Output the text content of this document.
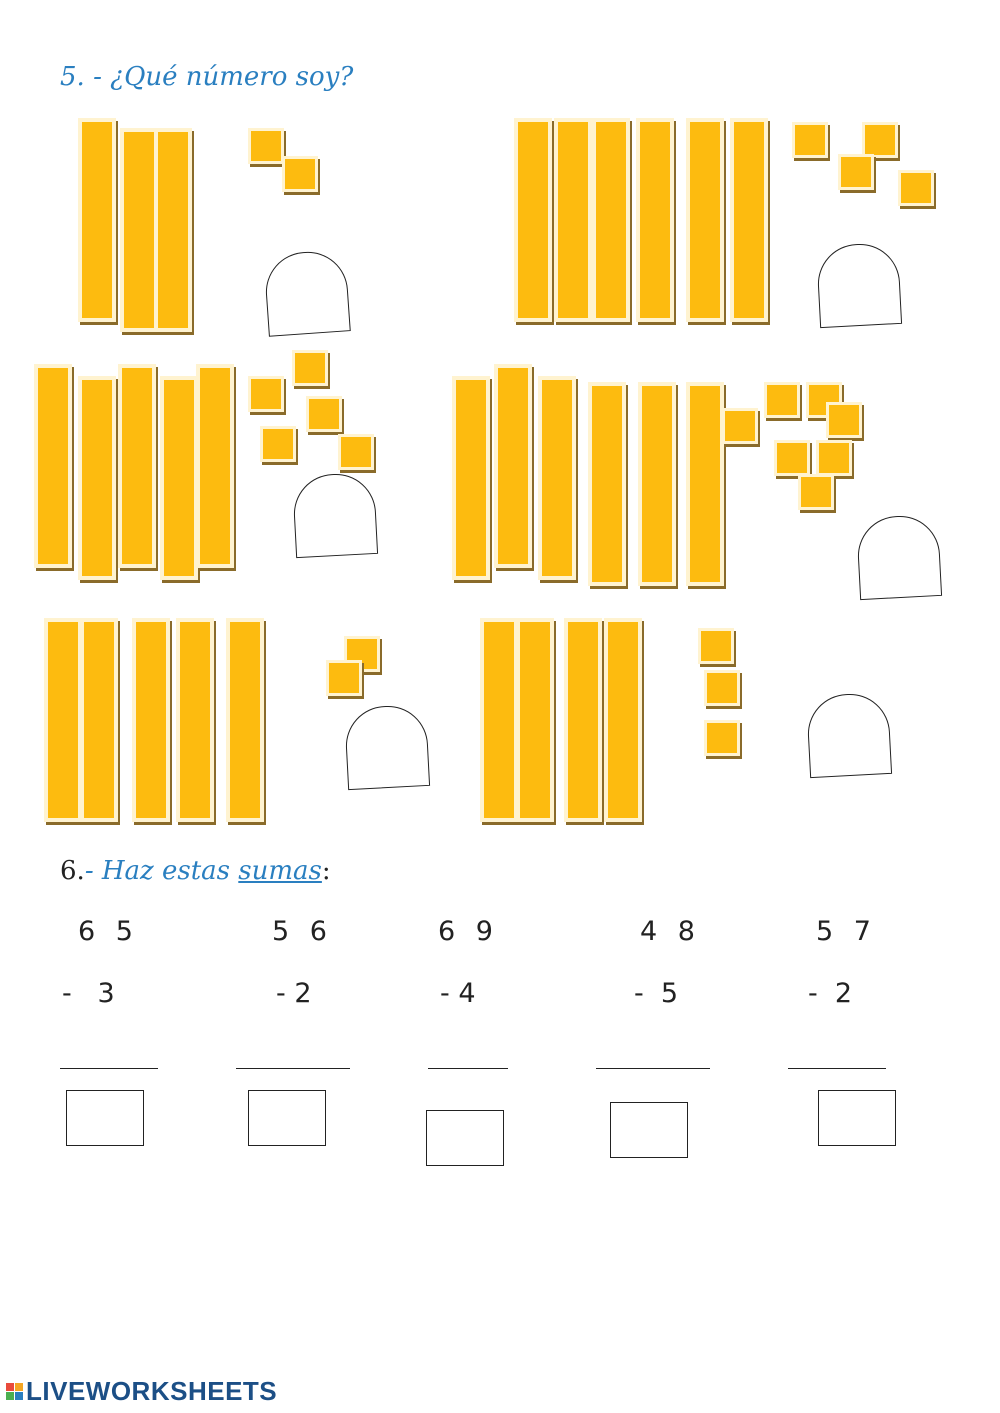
5. - ¿Qué número soy?
6.- Haz estas sumas:
6 5
-   3
5 6
- 2
6 9
- 4
4 8
-  5
5 7
-  2
LIVEWORKSHEETS
